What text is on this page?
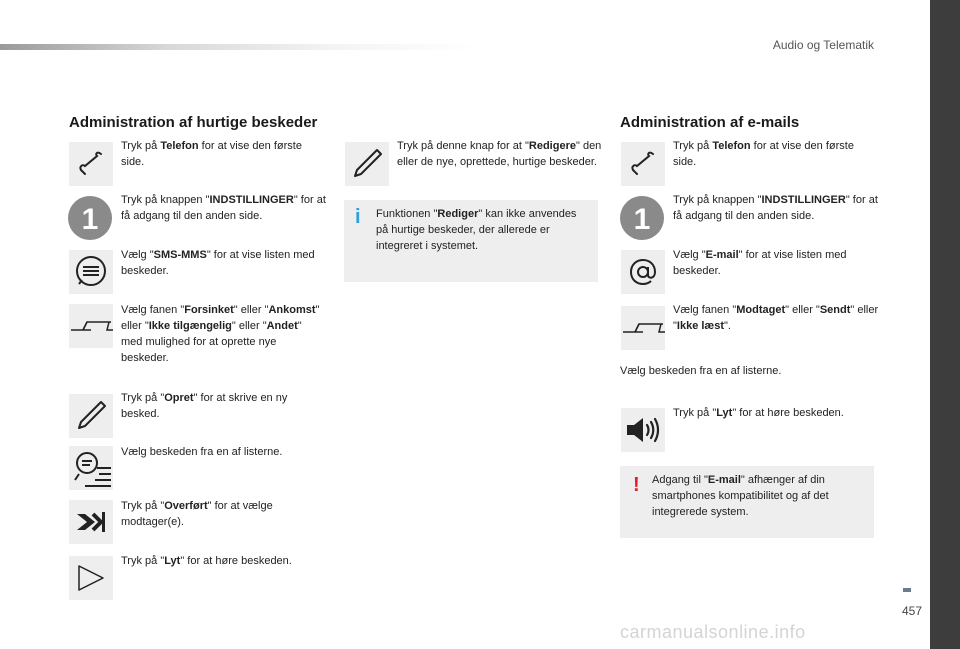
Audio og Telematik
457
carmanualsonline.info
Administration af hurtige beskeder
Tryk på Telefon for at vise den første side.
1
Tryk på knappen "INDSTILLINGER" for at få adgang til den anden side.
Vælg "SMS-MMS" for at vise listen med beskeder.
Vælg fanen "Forsinket" eller "Ankomst" eller "Ikke tilgængelig" eller "Andet" med mulighed for at oprette nye beskeder.
Tryk på "Opret" for at skrive en ny besked.
Vælg beskeden fra en af listerne.
Tryk på "Overført" for at vælge modtager(e).
Tryk på "Lyt" for at høre beskeden.
Tryk på denne knap for at "Redigere" den eller de nye, oprettede, hurtige beskeder.
i Funktionen "Rediger" kan ikke anvendes på hurtige beskeder, der allerede er integreret i systemet.
Administration af e-mails
Tryk på Telefon for at vise den første side.
1
Tryk på knappen "INDSTILLINGER" for at få adgang til den anden side.
Vælg "E-mail" for at vise listen med beskeder.
Vælg fanen "Modtaget" eller "Sendt" eller "Ikke læst".
Vælg beskeden fra en af listerne.
Tryk på "Lyt" for at høre beskeden.
! Adgang til "E-mail" afhænger af din smartphones kompatibilitet og af det integrerede system.
